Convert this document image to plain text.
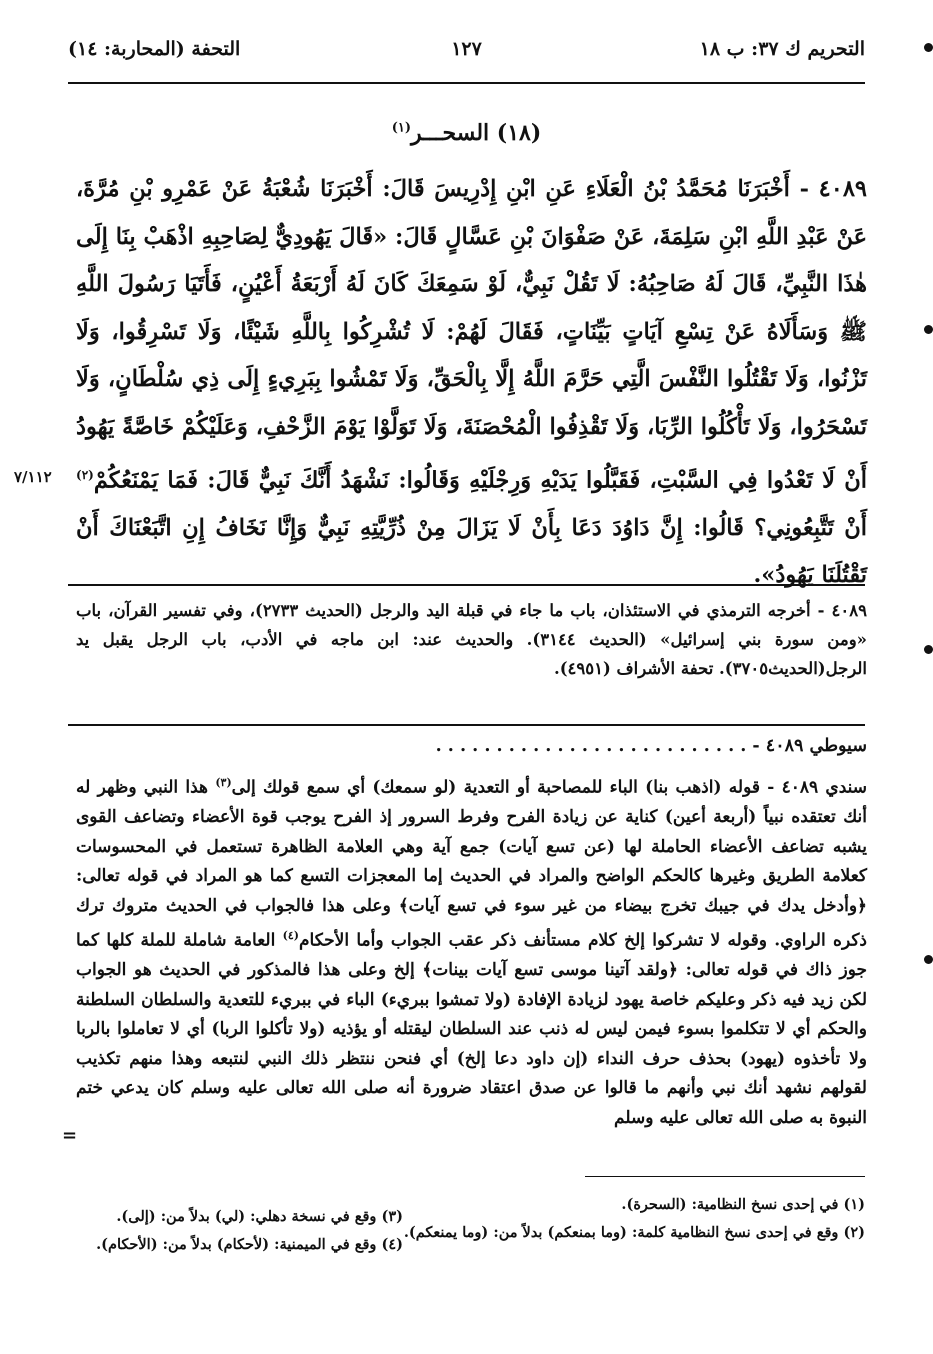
التحريم ك ٣٧: ب ١٨
١٢٧
التحفة (المحاربة: ١٤)
(١٨) السحـــر$^{(١)}$
٤٠٨٩ - أَخْبَرَنَا مُحَمَّدُ بْنُ الْعَلَاءِ عَنِ ابْنِ إِدْرِيسَ قَالَ: أَخْبَرَنَا شُعْبَةُ عَنْ عَمْرِو بْنِ مُرَّةَ، عَنْ عَبْدِ اللَّهِ ابْنِ سَلِمَةَ، عَنْ صَفْوَانَ بْنِ عَسَّالٍ قَالَ: «قَالَ يَهُودِيٌّ لِصَاحِبِهِ اذْهَبْ بِنَا إِلَى هٰذَا النَّبِيِّ، قَالَ لَهُ صَاحِبُهُ: لَا تَقُلْ نَبِيٌّ، لَوْ سَمِعَكَ كَانَ لَهُ أَرْبَعَةُ أَعْيُنٍ، فَأَتَيَا رَسُولَ اللَّهِ ﷺ وَسَأَلَاهُ عَنْ تِسْعِ آيَاتٍ بَيِّنَاتٍ، فَقَالَ لَهُمْ: لَا تُشْرِكُوا بِاللَّهِ شَيْئًا، وَلَا تَسْرِقُوا، وَلَا تَزْنُوا، وَلَا تَقْتُلُوا النَّفْسَ الَّتِي حَرَّمَ اللَّهُ إِلَّا بِالْحَقِّ، وَلَا تَمْشُوا بِبَرِيءٍ إِلَى ذِي سُلْطَانٍ، وَلَا تَسْحَرُوا، وَلَا تَأْكُلُوا الرِّبَا، وَلَا تَقْذِفُوا الْمُحْصَنَةَ، وَلَا تَوَلَّوْا يَوْمَ الزَّحْفِ، وَعَلَيْكُمْ خَاصَّةً يَهُودُ أَنْ لَا تَعْدُوا فِي السَّبْتِ، فَقَبَّلُوا يَدَيْهِ وَرِجْلَيْهِ وَقَالُوا: نَشْهَدُ أَنَّكَ نَبِيٌّ قَالَ: فَمَا يَمْنَعُكُمْ$^{(٢)}$ أَنْ تَتَّبِعُونِي؟ قَالُوا: إِنَّ دَاوُدَ دَعَا بِأَنْ لَا يَزَالَ مِنْ ذُرِّيَّتِهِ نَبِيٌّ وَإِنَّا نَخَافُ إِنِ اتَّبَعْنَاكَ أَنْ تَقْتُلَنَا يَهُودُ».
٧/١١٢
٤٠٨٩ - أخرجه الترمذي في الاستئذان، باب ما جاء في قبلة اليد والرجل (الحديث ٢٧٣٣)، وفي تفسير القرآن، باب «ومن سورة بني إسرائيل» (الحديث ٣١٤٤). والحديث عند: ابن ماجه في الأدب، باب الرجل يقبل يد الرجل(الحديث٣٧٠٥). تحفة الأشراف (٤٩٥١).
سيوطي ٤٠٨٩ - . . . . . . . . . . . . . . . . . . . . . . . . . .
سندي ٤٠٨٩ - قوله (اذهب بنا) الباء للمصاحبة أو التعدية (لو سمعك) أي سمع قولك إلى$^{(٣)}$ هذا النبي وظهر له أنك تعتقده نبياً (أربعة أعين) كناية عن زيادة الفرح وفرط السرور إذ الفرح يوجب قوة الأعضاء وتضاعف القوى يشبه تضاعف الأعضاء الحاملة لها (عن تسع آيات) جمع آية وهي العلامة الظاهرة تستعمل في المحسوسات كعلامة الطريق وغيرها كالحكم الواضح والمراد في الحديث إما المعجزات التسع كما هو المراد في قوله تعالى: ﴿وأدخل يدك في جيبك تخرج بيضاء من غير سوء في تسع آيات﴾ وعلى هذا فالجواب في الحديث متروك ترك ذكره الراوي. وقوله لا تشركوا إلخ كلام مستأنف ذكر عقب الجواب وأما الأحكام$^{(٤)}$ العامة شاملة للملة كلها كما جوز ذاك في قوله تعالى: ﴿ولقد آتينا موسى تسع آيات بينات﴾ إلخ وعلى هذا فالمذكور في الحديث هو الجواب لكن زيد فيه ذكر وعليكم خاصة يهود لزيادة الإفادة (ولا تمشوا ببريء) الباء في ببريء للتعدية والسلطان السلطنة والحكم أي لا تتكلموا بسوء فيمن ليس له ذنب عند السلطان ليقتله أو يؤذيه (ولا تأكلوا الربا) أي لا تعاملوا بالربا ولا تأخذوه (يهود) بحذف حرف النداء (إن داود دعا إلخ) أي فنحن ننتظر ذلك النبي لنتبعه وهذا منهم تكذيب لقولهم نشهد أنك نبي وأنهم ما قالوا عن صدق اعتقاد ضرورة أنه صلى الله تعالى عليه وسلم كان يدعي ختم النبوة به صلى الله تعالى عليه وسلم
=
(١) في إحدى نسخ النظامية: (السحرة).
(٢) وقع في إحدى نسخ النظامية كلمة: (وما بمنعكم) بدلاً من: (وما يمنعكم).
(٣) وقع في نسخة دهلي: (لي) بدلاً من: (إلى).
(٤) وقع في الميمنية: (لأحكام) بدلاً من: (الأحكام).
